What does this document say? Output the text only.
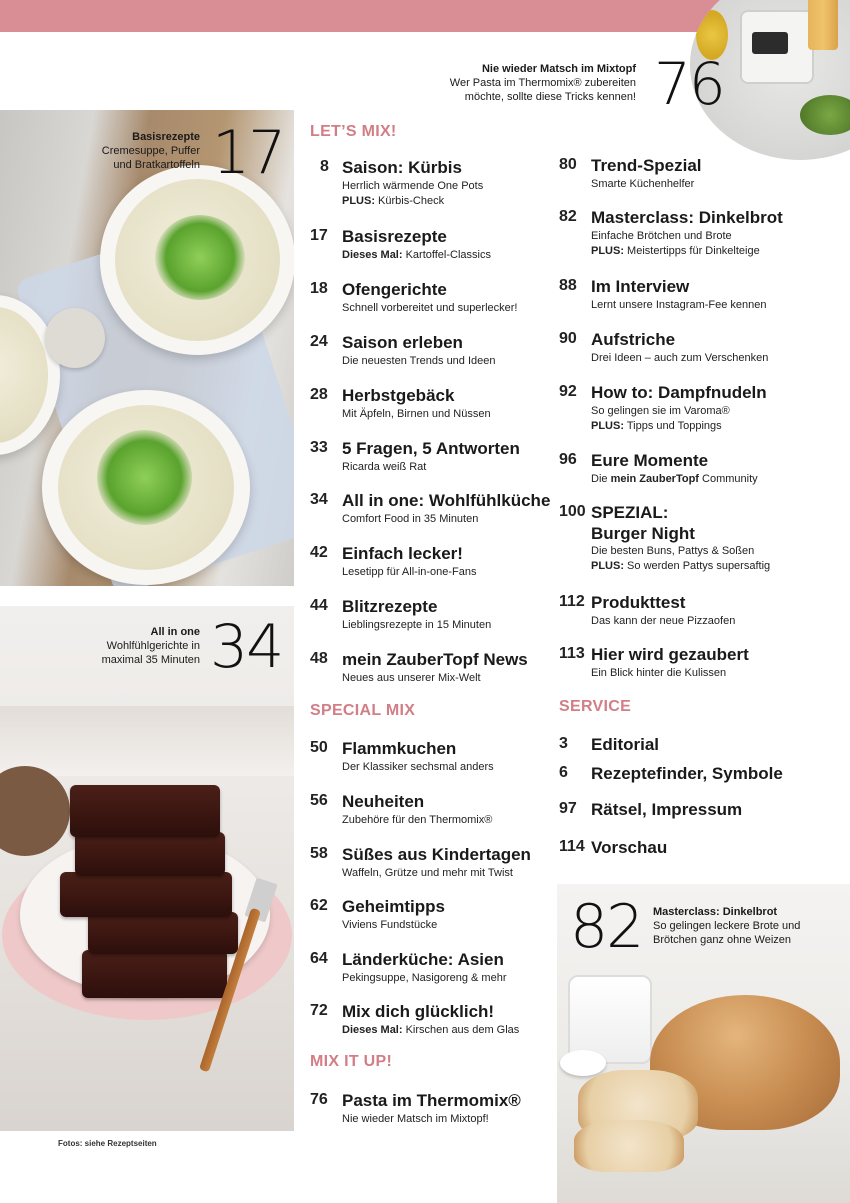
Nie wieder Matsch im Mixtopf
Wer Pasta im Thermomix® zubereiten
möchte, sollte diese Tricks kennen! 76
Basisrezepte
Cremesuppe, Puffer
und Bratkartoffeln 17
All in one
Wohlfühlgerichte in
maximal 35 Minuten 34
82 Masterclass: Dinkelbrot
So gelingen leckere Brote und
Brötchen ganz ohne Weizen
LET’S MIX!
SPECIAL MIX
MIX IT UP!
SERVICE
8 Saison: Kürbis
Herrlich wärmende One Pots
PLUS: Kürbis-Check
17 Basisrezepte
Dieses Mal: Kartoffel-Classics
18 Ofengerichte
Schnell vorbereitet und superlecker!
24 Saison erleben
Die neuesten Trends und Ideen
28 Herbstgebäck
Mit Äpfeln, Birnen und Nüssen
33 5 Fragen, 5 Antworten
Ricarda weiß Rat
34 All in one: Wohlfühlküche
Comfort Food in 35 Minuten
42 Einfach lecker!
Lesetipp für All-in-one-Fans
44 Blitzrezepte
Lieblingsrezepte in 15 Minuten
48 mein ZauberTopf News
Neues aus unserer Mix-Welt
50 Flammkuchen
Der Klassiker sechsmal anders
56 Neuheiten
Zubehöre für den Thermomix®
58 Süßes aus Kindertagen
Waffeln, Grütze und mehr mit Twist
62 Geheimtipps
Viviens Fundstücke
64 Länderküche: Asien
Pekingsuppe, Nasigoreng & mehr
72 Mix dich glücklich!
Dieses Mal: Kirschen aus dem Glas
76 Pasta im Thermomix®
Nie wieder Matsch im Mixtopf!
80 Trend-Spezial
Smarte Küchenhelfer
82 Masterclass: Dinkelbrot
Einfache Brötchen und Brote
PLUS: Meistertipps für Dinkelteige
88 Im Interview
Lernt unsere Instagram-Fee kennen
90 Aufstriche
Drei Ideen – auch zum Verschenken
92 How to: Dampfnudeln
So gelingen sie im Varoma®
PLUS: Tipps und Toppings
96 Eure Momente
Die mein ZauberTopf Community
100 SPEZIAL:
Burger Night
Die besten Buns, Pattys & Soßen
PLUS: So werden Pattys supersaftig
112 Produkttest
Das kann der neue Pizzaofen
113 Hier wird gezaubert
Ein Blick hinter die Kulissen
3 Editorial
6 Rezeptefinder, Symbole
97 Rätsel, Impressum
114 Vorschau
Fotos: siehe Rezeptseiten
